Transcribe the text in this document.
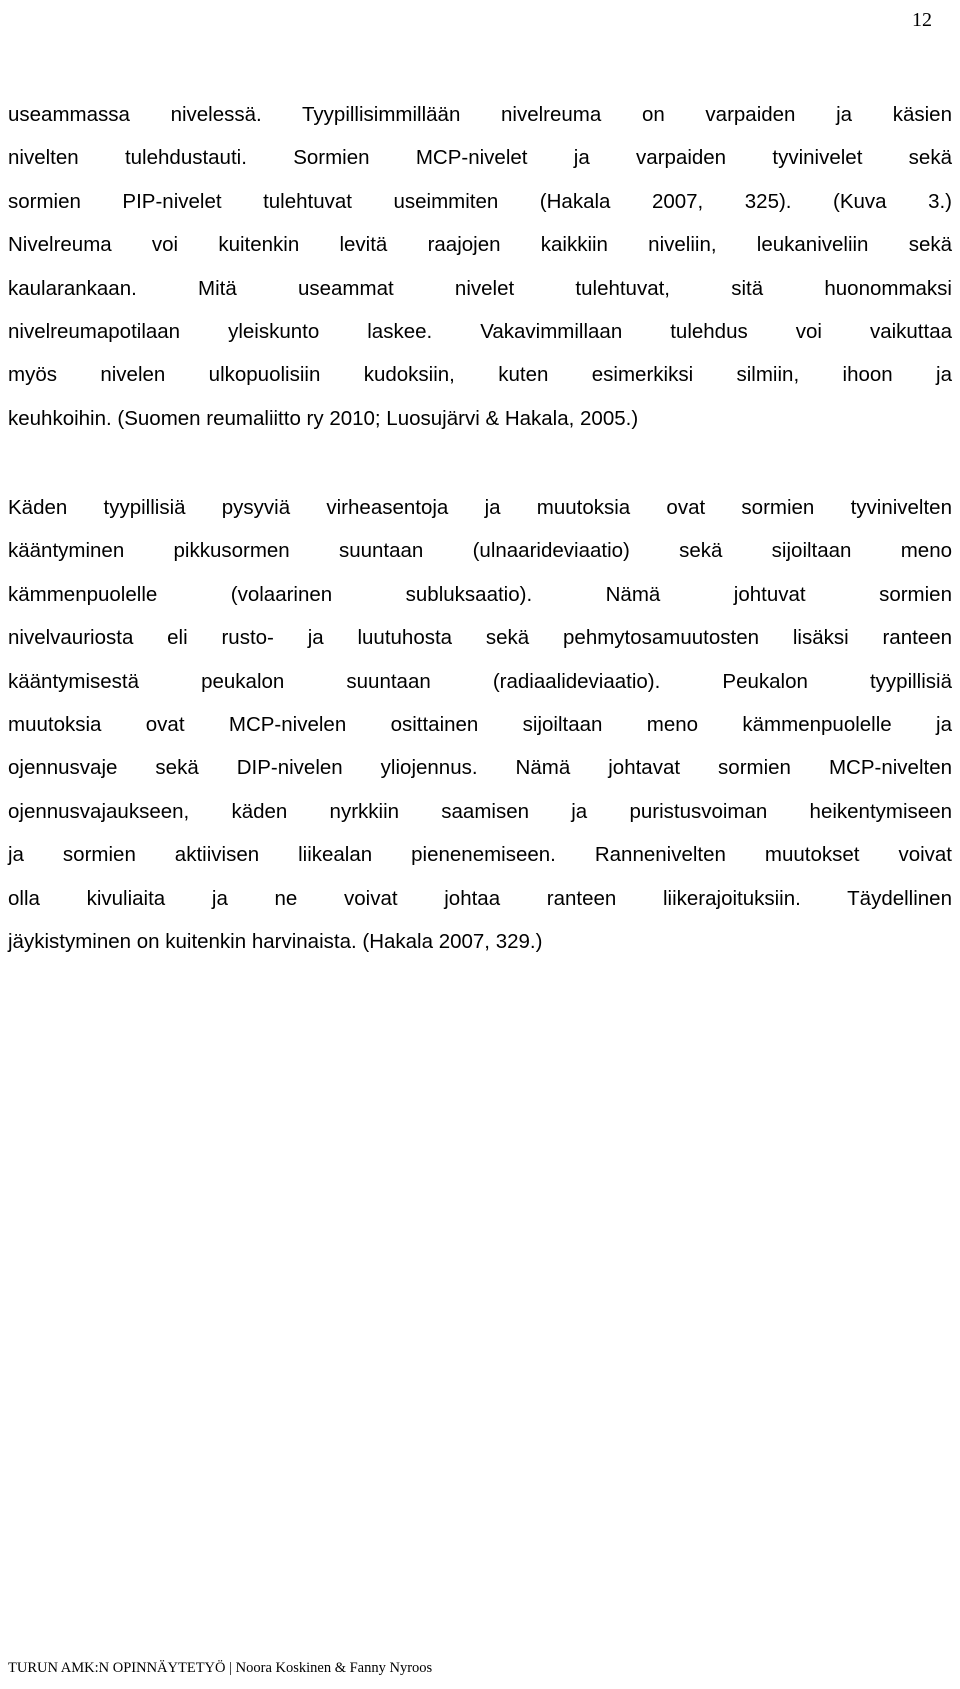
12
useammassa nivelessä. Tyypillisimmillään nivelreuma on varpaiden ja käsien
nivelten tulehdustauti. Sormien MCP-nivelet ja varpaiden tyvinivelet sekä
sormien PIP-nivelet tulehtuvat useimmiten (Hakala 2007, 325). (Kuva 3.)
Nivelreuma voi kuitenkin levitä raajojen kaikkiin niveliin, leukaniveliin sekä
kaularankaan. Mitä useammat nivelet tulehtuvat, sitä huonommaksi
nivelreumapotilaan yleiskunto laskee. Vakavimmillaan tulehdus voi vaikuttaa
myös nivelen ulkopuolisiin kudoksiin, kuten esimerkiksi silmiin, ihoon ja
keuhkoihin. (Suomen reumaliitto ry 2010; Luosujärvi & Hakala, 2005.)
Käden tyypillisiä pysyviä virheasentoja ja muutoksia ovat sormien tyvinivelten
kääntyminen pikkusormen suuntaan (ulnaarideviaatio) sekä sijoiltaan meno
kämmenpuolelle (volaarinen subluksaatio). Nämä johtuvat sormien
nivelvauriosta eli rusto- ja luutuhosta sekä pehmytosamuutosten lisäksi ranteen
kääntymisestä peukalon suuntaan (radiaalideviaatio). Peukalon tyypillisiä
muutoksia ovat MCP-nivelen osittainen sijoiltaan meno kämmenpuolelle ja
ojennusvaje sekä DIP-nivelen yliojennus. Nämä johtavat sormien MCP-nivelten
ojennusvajaukseen, käden nyrkkiin saamisen ja puristusvoiman heikentymiseen
ja sormien aktiivisen liikealan pienenemiseen. Rannenivelten muutokset voivat
olla kivuliaita ja ne voivat johtaa ranteen liikerajoituksiin. Täydellinen
jäykistyminen on kuitenkin harvinaista. (Hakala 2007, 329.)
TURUN AMK:N OPINNÄYTETYÖ | Noora Koskinen & Fanny Nyroos
